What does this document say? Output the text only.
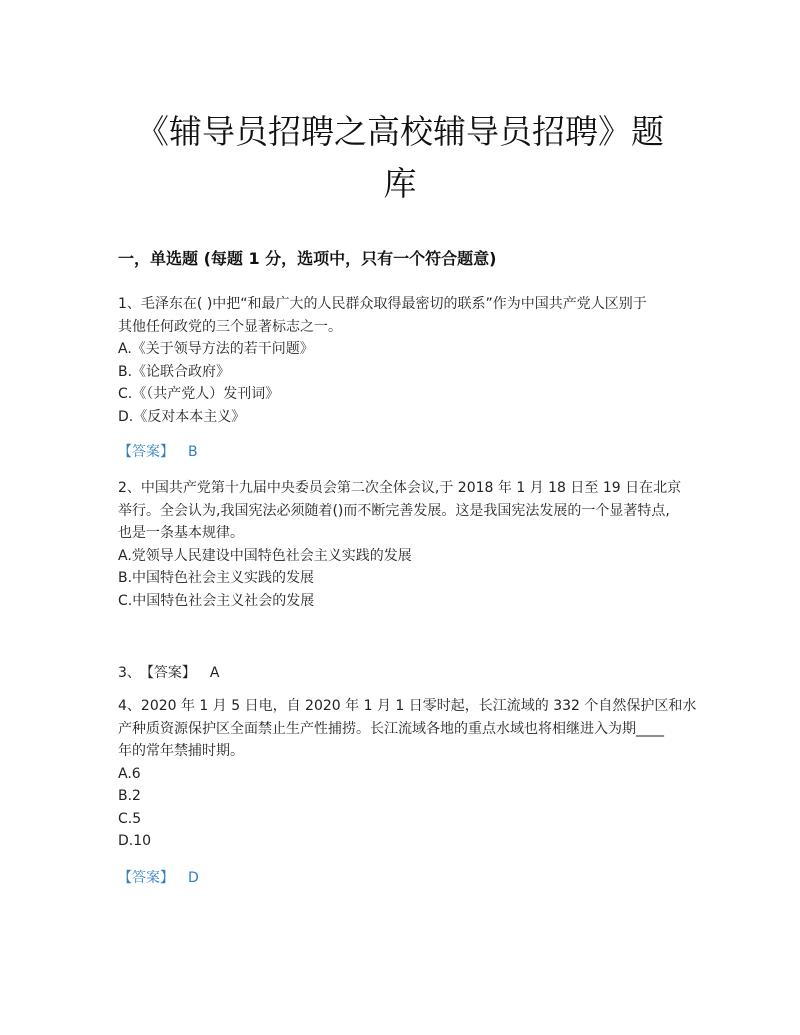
《辅导员招聘之高校辅导员招聘》题
库
一，单选题 (每题 1 分，选项中，只有一个符合题意)
1、毛泽东在( )中把“和最广大的人民群众取得最密切的联系”作为中国共产党人区别于
其他任何政党的三个显著标志之一。
A.《关于领导方法的若干问题》
B.《论联合政府》
C.《（共产党人）发刊词》
D.《反对本本主义》
【答案】 B
2、中国共产党第十九届中央委员会第二次全体会议,于 2018 年 1 月 18 日至 19 日在北京
举行。全会认为,我国宪法必须随着()而不断完善发展。这是我国宪法发展的一个显著特点,
也是一条基本规律。
A.党领导人民建设中国特色社会主义实践的发展
B.中国特色社会主义实践的发展
C.中国特色社会主义社会的发展
3、 【答案】 A
4、2020 年 1 月 5 日电，自 2020 年 1 月 1 日零时起，长江流域的 332 个自然保护区和水
产种质资源保护区全面禁止生产性捕捞。长江流域各地的重点水域也将相继进入为期____
年的常年禁捕时期。
A.6
B.2
C.5
D.10
【答案】 D
